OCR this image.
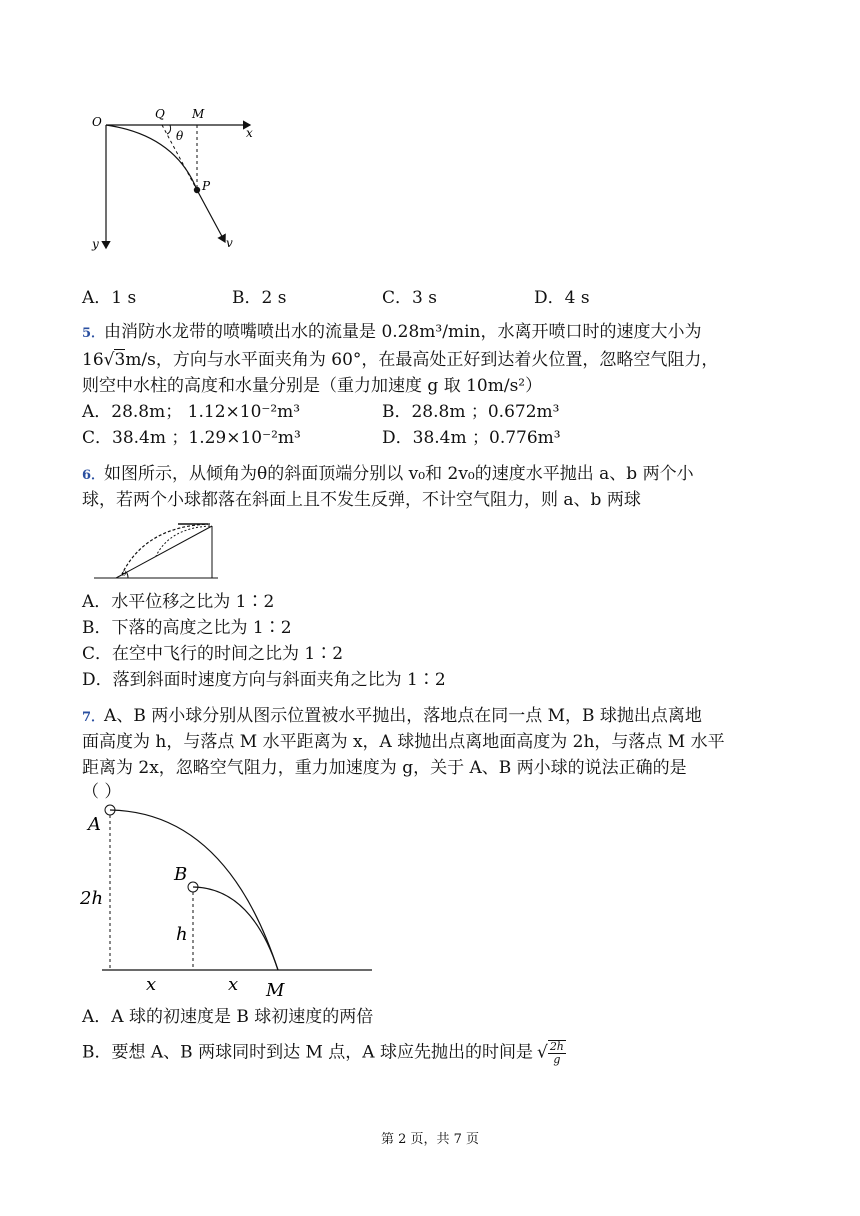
O
Q M
x
θ
P
y	v
A．1 s	B．2 s	C．3 s	D．4 s
5．由消防水龙带的喷嘴喷出水的流量是 0.28m³/min，水离开喷口时的速度大小为
16√3m/s，方向与水平面夹角为 60°，在最高处正好到达着火位置，忽略空气阻力，
则空中水柱的高度和水量分别是（重力加速度 g 取 10m/s²）
A．28.8m； 1.12×10⁻²m³	B．28.8m ；0.672m³
C．38.4m ；1.29×10⁻²m³	D．38.4m ；0.776m³
6．如图所示，从倾角为θ的斜面顶端分别以 v₀和 2v₀的速度水平抛出 a、b 两个小
球，若两个小球都落在斜面上且不发生反弹，不计空气阻力，则 a、b 两球
θ
A．水平位移之比为 1∶2
B．下落的高度之比为 1∶2
C．在空中飞行的时间之比为 1∶2
D．落到斜面时速度方向与斜面夹角之比为 1∶2
7．A、B 两小球分别从图示位置被水平抛出，落地点在同一点 M，B 球抛出点离地
面高度为 h，与落点 M 水平距离为 x，A 球抛出点离地面高度为 2h，与落点 M 水平
距离为 2x，忽略空气阻力，重力加速度为 g，关于 A、B 两小球的说法正确的是
（ ）
A
B
2h
h
x	x M
A．A 球的初速度是 B 球初速度的两倍
B．要想 A、B 两球同时到达 M 点，A 球应先抛出的时间是 √ $\frac{2h}{g}$
第 2 页，共 7 页
